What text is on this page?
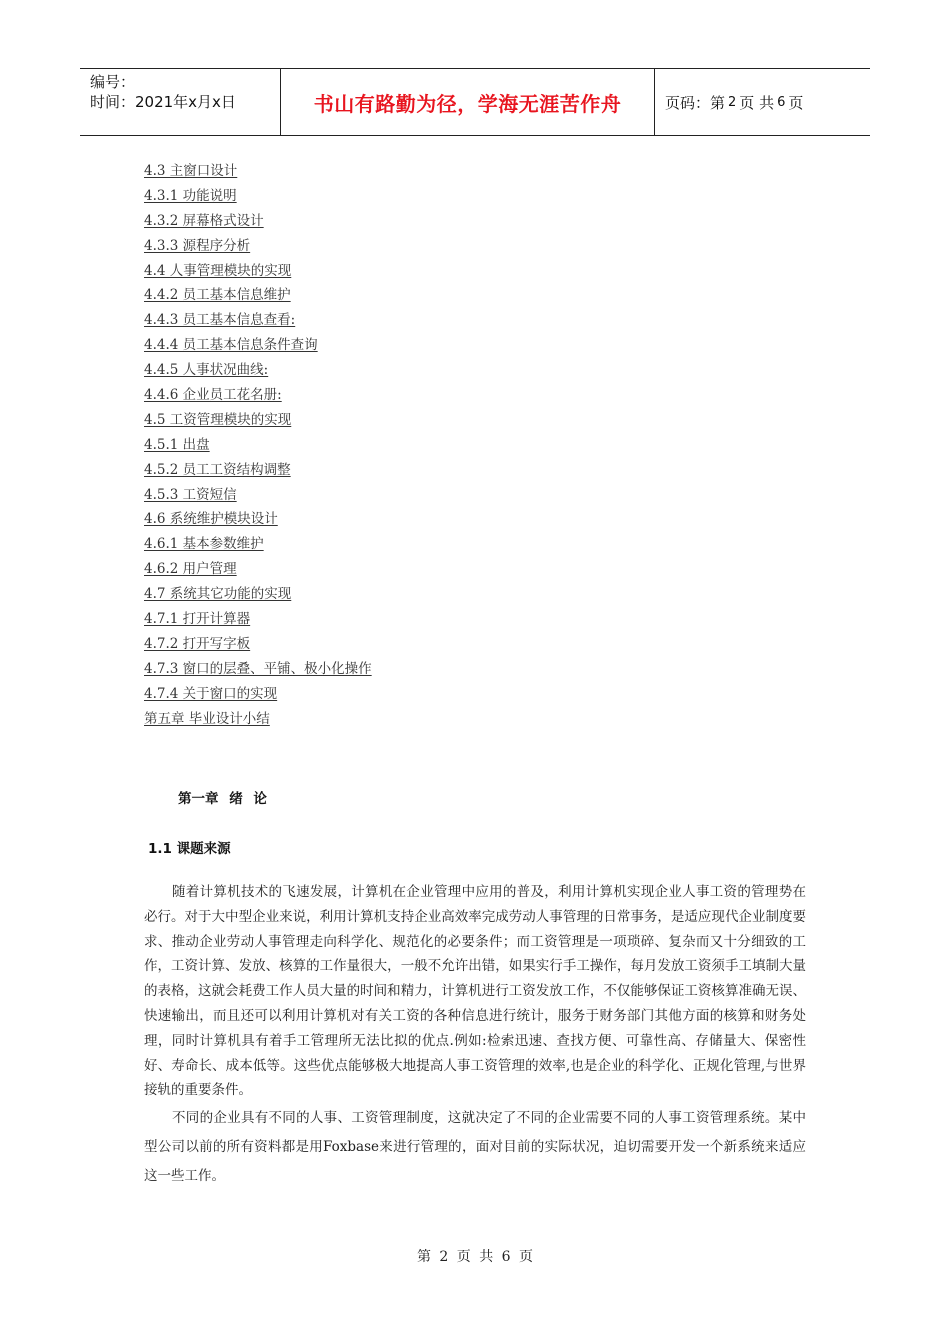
编号：
时间：2021年x月x日	书山有路勤为径，学海无涯苦作舟	页码：第 2 页 共 6 页
4.3 主窗口设计
4.3.1 功能说明
4.3.2 屏幕格式设计
4.3.3 源程序分析
4.4 人事管理模块的实现
4.4.2 员工基本信息维护
4.4.3 员工基本信息查看:
4.4.4 员工基本信息条件查询
4.4.5 人事状况曲线:
4.4.6 企业员工花名册:
4.5 工资管理模块的实现
4.5.1 出盘
4.5.2 员工工资结构调整
4.5.3 工资短信
4.6 系统维护模块设计
4.6.1 基本参数维护
4.6.2 用户管理
4.7 系统其它功能的实现
4.7.1 打开计算器
4.7.2 打开写字板
4.7.3 窗口的层叠、平铺、极小化操作
4.7.4 关于窗口的实现
第五章 毕业设计小结
第一章 绪 论
1.1 课题来源

随着计算机技术的飞速发展，计算机在企业管理中应用的普及，利用计算机实现企业人事工资的管理势在必行。对于大中型企业来说，利用计算机支持企业高效率完成劳动人事管理的日常事务，是适应现代企业制度要求、推动企业劳动人事管理走向科学化、规范化的必要条件；而工资管理是一项琐碎、复杂而又十分细致的工作，工资计算、发放、核算的工作量很大，一般不允许出错，如果实行手工操作，每月发放工资须手工填制大量的表格，这就会耗费工作人员大量的时间和精力，计算机进行工资发放工作，不仅能够保证工资核算准确无误、快速输出，而且还可以利用计算机对有关工资的各种信息进行统计，服务于财务部门其他方面的核算和财务处理，同时计算机具有着手工管理所无法比拟的优点.例如:检索迅速、查找方便、可靠性高、存储量大、保密性好、寿命长、成本低等。这些优点能够极大地提高人事工资管理的效率,也是企业的科学化、正规化管理,与世界接轨的重要条件。

不同的企业具有不同的人事、工资管理制度，这就决定了不同的企业需要不同的人事工资管理系统。某中型公司以前的所有资料都是用Foxbase来进行管理的，面对目前的实际状况，迫切需要开发一个新系统来适应这一些工作。

第 2 页 共 6 页
